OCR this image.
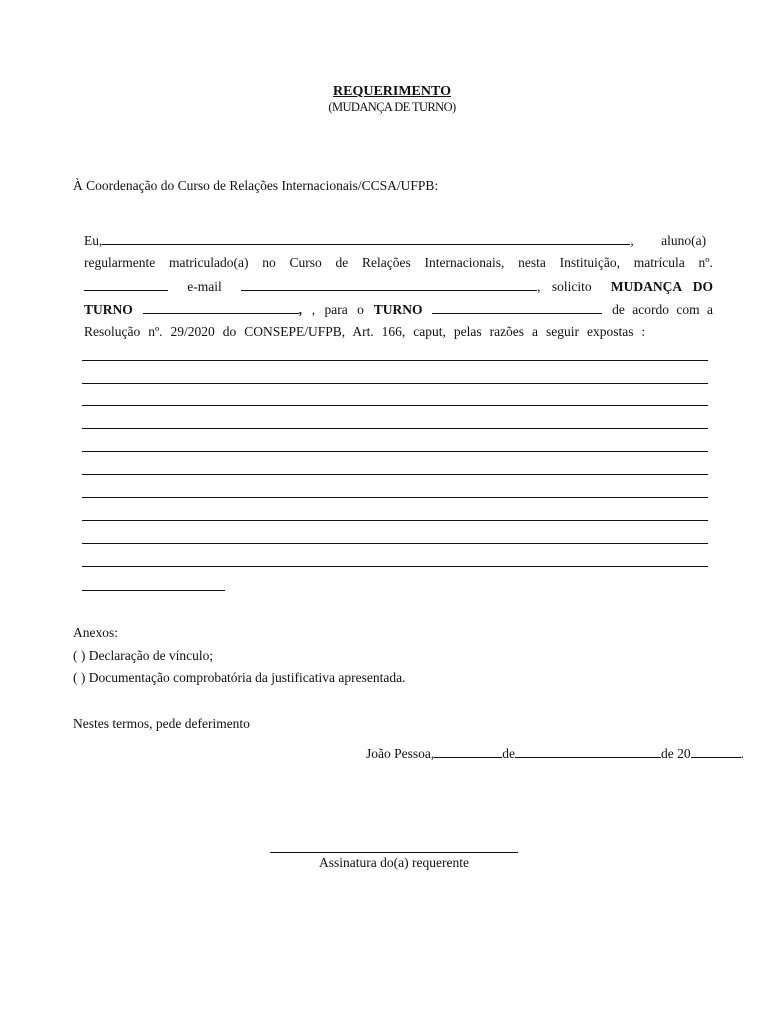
REQUERIMENTO
(MUDANÇA DE TURNO)
À Coordenação do Curso de Relações Internacionais/CCSA/UFPB:
Eu,	, aluno(a)
regularmente matriculado(a) no Curso de Relações Internacionais, nesta Instituição, matrícula nº.
e-mail	, solicito MUDANÇA DO
TURNO	, , para o TURNO	de acordo com a
Resolução nº. 29/2020 do CONSEPE/UFPB, Art. 166, caput, pelas razões a seguir expostas :
Anexos:
( ) Declaração de vínculo;
( ) Documentação comprobatória da justificativa apresentada.
Nestes termos, pede deferimento
João Pessoa,	de	de 20	.
Assinatura do(a) requerente
